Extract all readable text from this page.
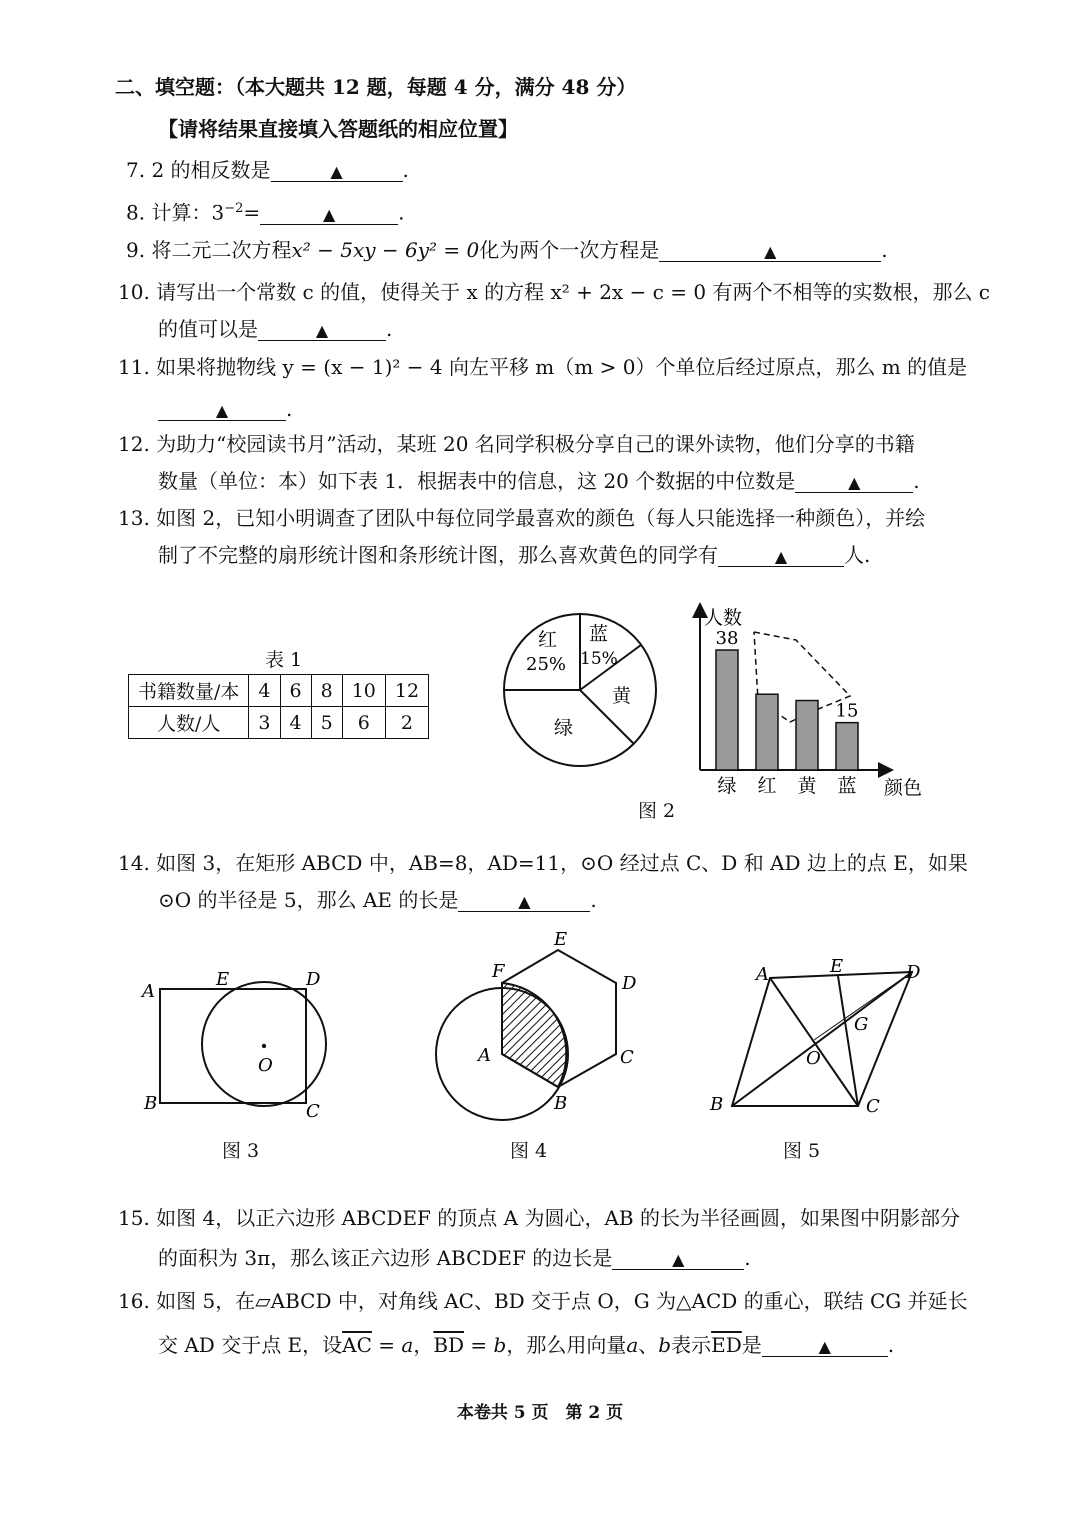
二、填空题：（本大题共 12 题，每题 4 分，满分 48 分）
【请将结果直接填入答题纸的相应位置】
7. 2 的相反数是	▲	.
8. 计算：$3^{-2}=$	▲	.
9. 将二元二次方程x² − 5xy − 6y² = 0化为两个一次方程是	▲	.
10. 请写出一个常数 c 的值，使得关于 x 的方程 x² + 2x − c = 0 有两个不相等的实数根，那么 c
的值可以是	▲	.
11. 如果将抛物线 y = (x − 1)² − 4 向左平移 m（m > 0）个单位后经过原点，那么 m 的值是
▲	.
12. 为助力“校园读书月”活动，某班 20 名同学积极分享自己的课外读物，他们分享的书籍
数量（单位：本）如下表 1．根据表中的信息，这 20 个数据的中位数是	▲	.
13. 如图 2，已知小明调查了团队中每位同学最喜欢的颜色（每人只能选择一种颜色），并绘
制了不完整的扇形统计图和条形统计图，那么喜欢黄色的同学有	▲	人.
表 1
书籍数量/本	4	6	8	10	12
人数/人	3	4	5	6	2
红
25%
蓝
15%
黄
绿
人数
颜色
绿
38
红 黄 蓝
15
图 2
14. 如图 3，在矩形 ABCD 中，AB=8，AD=11，⊙O 经过点 C、D 和 AD 边上的点 E，如果
⊙O 的半径是 5，那么 AE 的长是	▲	.
A
B	C
D
E
O
图 3
A
B
C
D
E
F
图 4
A
B	C
D
E
G
O
图 5
15. 如图 4，以正六边形 ABCDEF 的顶点 A 为圆心，AB 的长为半径画圆，如果图中阴影部分
的面积为 3π，那么该正六边形 ABCDEF 的边长是	▲	.
16. 如图 5，在▱ABCD 中，对角线 AC、BD 交于点 O，G 为△ACD 的重心，联结 CG 并延长
交 AD 交于点 E，设$\overline{AC} = a$，$\overline{BD} = b$，那么用向量a、b表示$\overline{ED}$是	▲	.
本卷共 5 页　第 2 页
